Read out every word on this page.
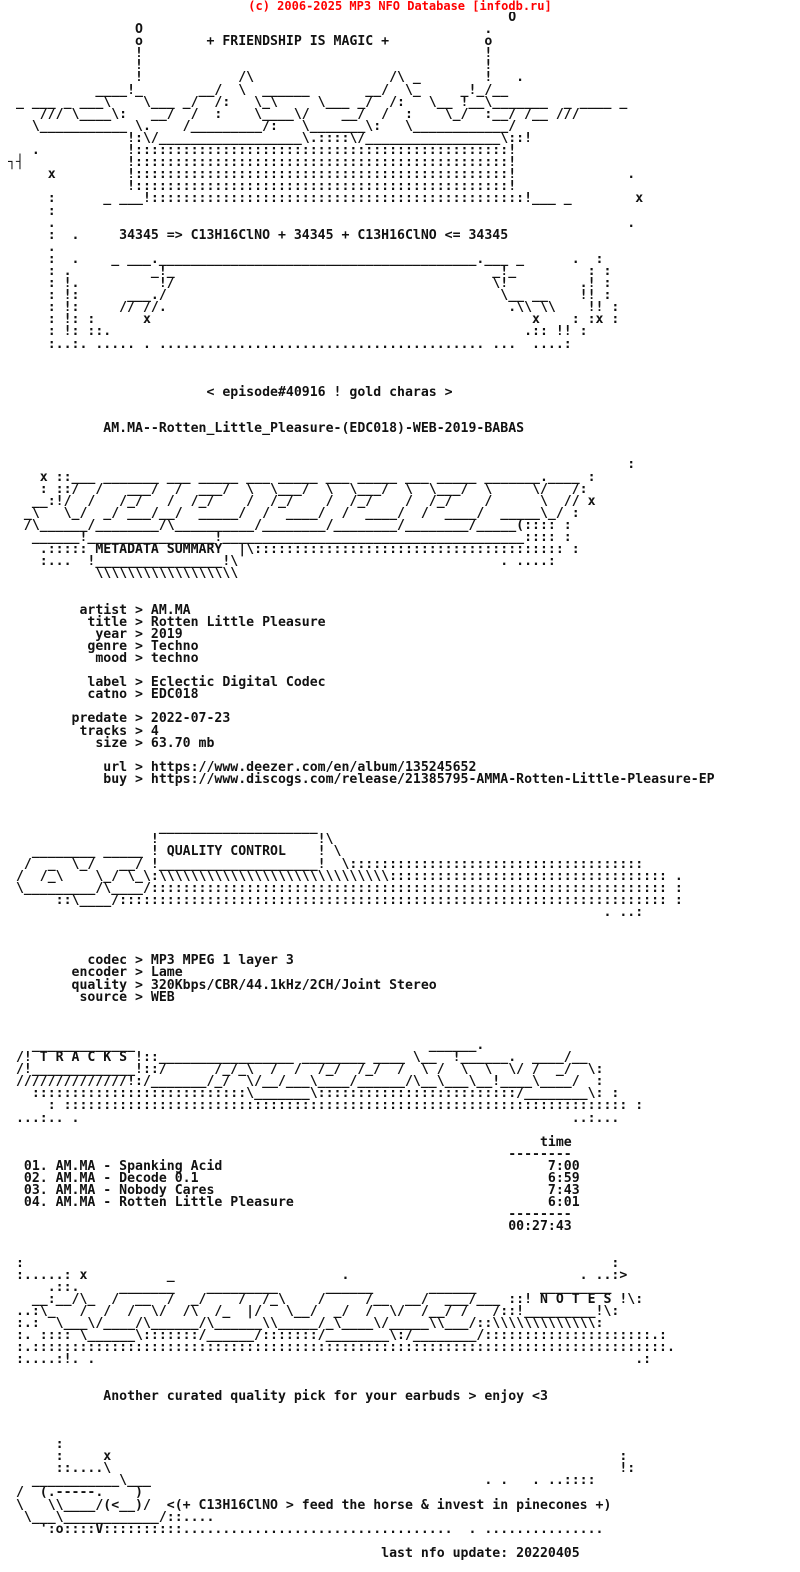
(c) 2006-2025 MP3 NFO Database [infodb.ru]
O
O                                           .
o        + FRIENDSHIP IS MAGIC +            o
!                                           !
!                                           !
!            /\                 /\ _        !   .
____!_       __/  \  ______       __/  \_     _!_/__
_ ___ _ ___\    \___ _/  /:   \_\     \___ _/  /:   \__ !__\_______  _ ____ _
/// \____\:   __/  /  :    \____\/    __/  /  :    \_/  :__/ /__ ///
\___________ \.    /_________/:   \_______\:   \____________/
!:\/__________________\.::::\/_________________\::!
.           !:::::::::::::::::::::::::::::::::::::::::::::::!
┐┤             !:::::::::::::::::::::::::::::::::::::::::::::::!
x         !:::::::::::::::::::::::::::::::::::::::::::::::!              .
!:::::::::::::::::::::::::::::::::::::::::::::::!
:      _ ___!:::::::::::::::::::::::::::::::::::::::::::::::!___ _        x
:
.                                                                        .
:  .     34345 => C13H16ClNO + 34345 + C13H16ClNO <= 34345
.
:  .    _ ___.________________________________________.___ _      .  :
: .          _!_                                        _!_         : :
: !.          !/                                        \!         .! :
: !:      ___./                                          \__ __    !! :
: !:     // //.                                           .\\ \\    !! :
: !: :      x                                                x    : :x :
: !: ::.                                                    .:: !! :
:..:. ..... . ......................................... ...  ....:
< episode#40916 ! gold charas >
AM.MA--Rotten_Little_Pleasure-(EDC018)-WEB-2019-BABAS
:
x ::___ _______ ___ _____ ___ _____ ___ _____ ___ _____ _______.____ :
: ::/  /   ___/  /  ___/  \  \___/  \  \___/  \  \___/  \     \/   /:
__:!/  /   /_/   /  /_/    /  /_/    /  /_/    /  /_/    /      \  // x
_\   \_/  _/ ___/__/  _____/  /  ____/  /  ____/  /  ____/  _____\_/ :
/\______/________/\__________/________/________/________/_____(:::: :
______!________________!______________________________________:::: :
.::::: METADATA SUMMARY  |\::::::::::::::::::::::::::::::::::::::: :
:...  !________________!\                                 . ....:
\\\\\\\\\\\\\\\\\\
artist > AM.MA
title > Rotten Little Pleasure
year > 2019
genre > Techno
mood > techno
label > Eclectic Digital Codec
catno > EDC018
predate > 2022-07-23
tracks > 4
size > 63.70 mb
url > https://www.deezer.com/en/album/135245652
buy > https://www.discogs.com/release/21385795-AMMA-Rotten-Little-Pleasure-EP
____________________
!                    !\
________ _____ ! QUALITY CONTROL    ! \
/  _  \_/   __/ !____________________!  \:::::::::::::::::::::::::::::::::::::
/  /_\    \_/ \_\:\\\\\\\\\\\\\\\\\\\\\\\\\\\\\::::::::::::::::::::::::::::::::::: .
\_________/\____/::::::::::::::::::::::::::::::::::::::::::::::::::::::::::::::::: :
::\____/::::::::::::::::::::::::::::::::::::::::::::::::::::::::::::::::::::: :
. ..:
codec > MP3 MPEG 1 layer 3
encoder > Lame
quality > 320Kbps/CBR/44.1kHz/2CH/Joint Stereo
source > WEB
_____________                                     ______.
/! T R A C K S !::_________________ ________ ____ \__  !______.  ____/__
/!_____________!::/      /_/_\  /  /  /_/  /_/  /  \ /  \  \  \/ /  _/  \:
//////////////!:/_______/_/  \/__/___\____/______/\__\___\__!____\____/  :
:::::::::::::::::::::::::::\_______\:::::::::::::::::::::::::/________\: :
: ::::::::::::::::::::::::::::::::::::::::::::::::::::::::::::::::::::::: :
...:.. .                                                              ..:...
time
--------
01. AM.MA - Spanking Acid                                         7:00
02. AM.MA - Decode 0.1                                            6:59
03. AM.MA - Nobody Cares                                          7:43
04. AM.MA - Rotten Little Pleasure                                6:01
--------
00:27:43
:                                                                          :
:.....: x          _                     .                             . ..:>
.::.     _______    _________      ______       ______        _________
__:__/\_  /  __  /  _/    /  /_\    /     /__  __/  ___/___ ::! N O T E S !\:
..:\_   /  /  /  \/  /\  /_  |/   \__/  _/  /  \/  /__/ /   /::!_________!\:
:.:  \___\/____/\______/\______\\_____/_\____\/_____\\___/::\\\\\\\\\\\\\:
:. :::: \______\:::::::/______/:::::::/________\:/________/:::::::::::::::::::::.:
:.::::::::::::::::::::::::::::::::::::::::::::::::::::::::::::::::::::::::::::::::.
:....:!. .                                                                    .:
Another curated quality pick for your earbuds > enjoy <3
:
:     x                                                                :
::....\                                                                !:
___________\___                                          . .   . ..::::
/  (.-----.    )
\   \\____/(<__)/  <(+ C13H16ClNO > feed the horse & invest in pinecones +)
\___\____________/::....
':o::::V::::::::::..................................  . ...............
last nfo update: 20220405
